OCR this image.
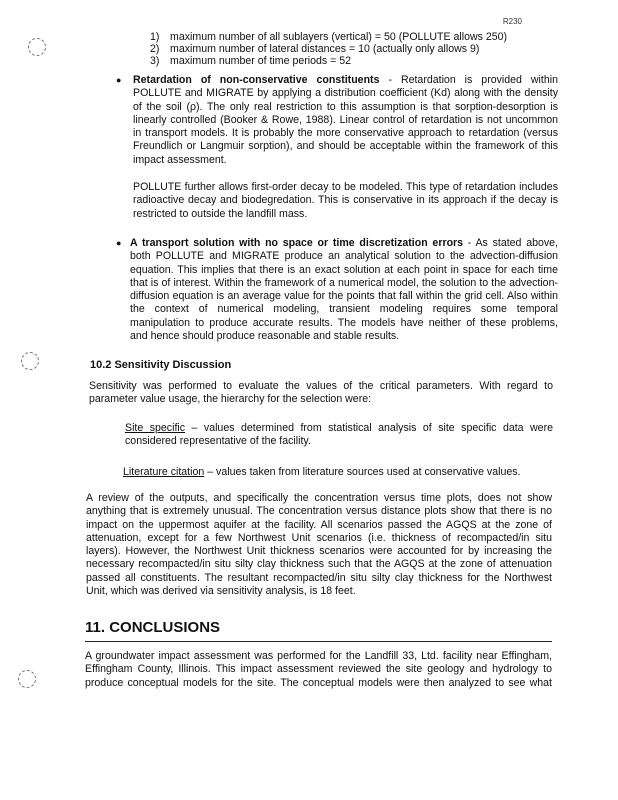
R230
1) maximum number of all sublayers (vertical) = 50 (POLLUTE allows 250)
2) maximum number of lateral distances = 10 (actually only allows 9)
3) maximum number of time periods = 52
● Retardation of non-conservative constituents - Retardation is provided within
POLLUTE and MIGRATE by applying a distribution coefficient (Kd) along with the density
of the soil (ρ). The only real restriction to this assumption is that sorption-desorption is
linearly controlled (Booker & Rowe, 1988). Linear control of retardation is not uncommon
in transport models. It is probably the more conservative approach to retardation (versus
Freundlich or Langmuir sorption), and should be acceptable within the framework of this
impact assessment.
POLLUTE further allows first-order decay to be modeled. This type of retardation includes
radioactive decay and biodegredation. This is conservative in its approach if the decay is
restricted to outside the landfill mass.
● A transport solution with no space or time discretization errors - As stated above,
both POLLUTE and MIGRATE produce an analytical solution to the advection-diffusion
equation. This implies that there is an exact solution at each point in space for each time
that is of interest. Within the framework of a numerical model, the solution to the advection-
diffusion equation is an average value for the points that fall within the grid cell. Also within
the context of numerical modeling, transient modeling requires some temporal
manipulation to produce accurate results. The models have neither of these problems,
and hence should produce reasonable and stable results.
10.2 Sensitivity Discussion
Sensitivity was performed to evaluate the values of the critical parameters. With regard to
parameter value usage, the hierarchy for the selection were:
Site specific – values determined from statistical analysis of site specific data were
considered representative of the facility.
Literature citation – values taken from literature sources used at conservative values.
A review of the outputs, and specifically the concentration versus time plots, does not show
anything that is extremely unusual. The concentration versus distance plots show that there is no
impact on the uppermost aquifer at the facility. All scenarios passed the AGQS at the zone of
attenuation, except for a few Northwest Unit scenarios (i.e. thickness of recompacted/in situ
layers). However, the Northwest Unit thickness scenarios were accounted for by increasing the
necessary recompacted/in situ silty clay thickness such that the AGQS at the zone of attenuation
passed all constituents. The resultant recompacted/in situ silty clay thickness for the Northwest
Unit, which was derived via sensitivity analysis, is 18 feet.
11. CONCLUSIONS
A groundwater impact assessment was performed for the Landfill 33, Ltd. facility near Effingham,
Effingham County, Illinois. This impact assessment reviewed the site geology and hydrology to
produce conceptual models for the site. The conceptual models were then analyzed to see what
